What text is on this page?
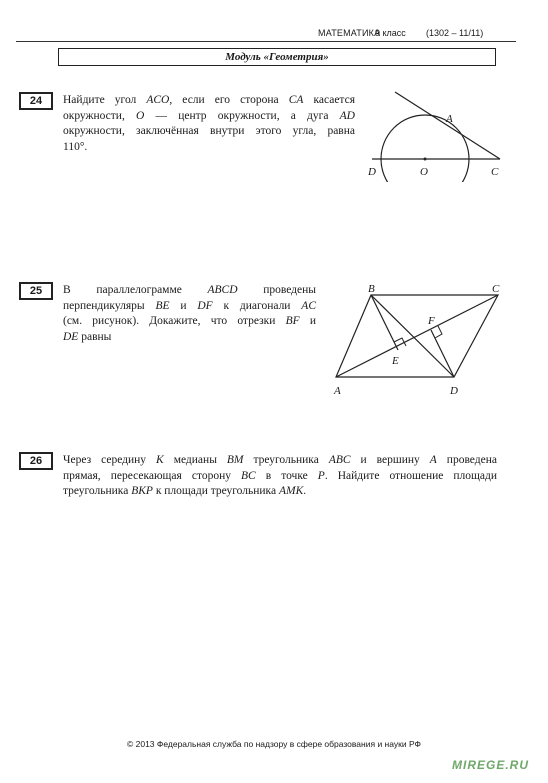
МАТЕМАТИКА
9 класс (1302 – 11/11)
Модуль «Геометрия»
24	Найдите угол ACO, если его сторона CA касается
окружности, O — центр окружности, а дуга AD
окружности, заключённая внутри этого угла, равна
110°.
A
D	O	C
25	В параллелограмме ABCD проведены
перпендикуляры BE и DF к диагонали AC
(см. рисунок). Докажите, что отрезки BF и
DE равны
B	C
A	D
E
F
26	Через середину K медианы BM треугольника ABC и вершину A проведена
прямая, пересекающая сторону BC в точке P. Найдите отношение площади
треугольника BKP к площади треугольника AMK.
© 2013 Федеральная служба по надзору в сфере образования и науки РФ
MIREGE.RU
